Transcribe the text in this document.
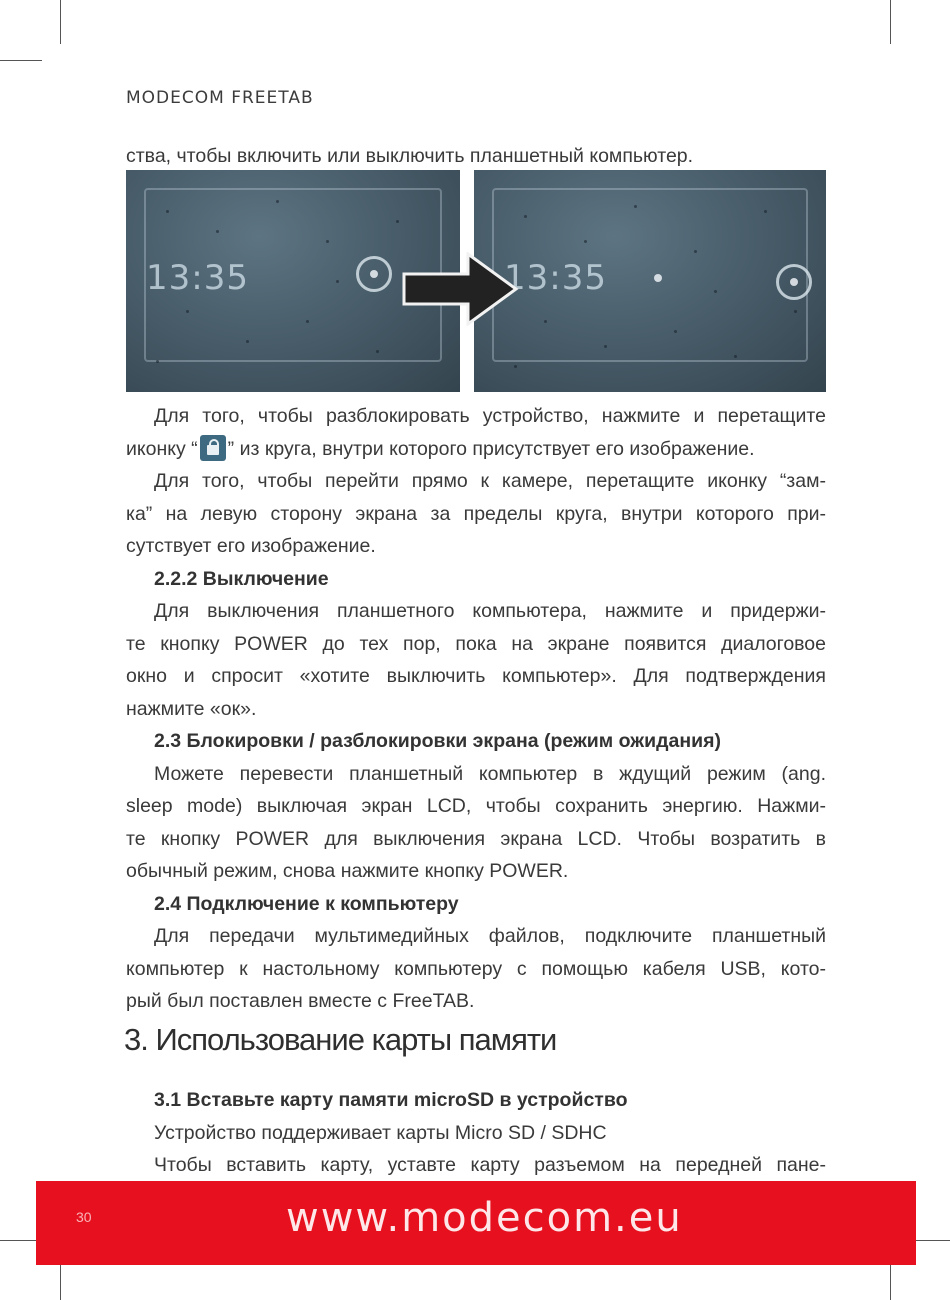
MODECOM FREETAB
ства, чтобы включить или выключить планшетный компьютер.
13:35	13:35
Для того, чтобы разблокировать устройство, нажмите и перетащите
иконку “ ” из круга, внутри которого присутствует его изображение.
Для того, чтобы перейти прямо к камере, перетащите иконку “зам-
ка” на левую сторону экрана за пределы круга, внутри которого при-
сутствует его изображение.
2.2.2 Выключение
Для выключения планшетного компьютера, нажмите и придержи-
те кнопку POWER до тех пор, пока на экране появится диалоговое
окно и спросит «хотите выключить компьютер». Для подтверждения
нажмите «ок».
2.3 Блокировки / разблокировки экрана (режим ожидания)
Можете перевести планшетный компьютер в ждущий режим (ang.
sleep mode) выключая экран LCD, чтобы сохранить энергию. Нажми-
те кнопку POWER для выключения экрана LCD. Чтобы возратить в
обычный режим, снова нажмите кнопку POWER.
2.4 Подключение к компьютеру
Для передачи мультимедийных файлов, подключите планшетный
компьютер к настольному компьютеру с помощью кабеля USB, кото-
рый был поставлен вместе с FreeTAB.
3. Использование карты памяти
3.1 Вставьте карту памяти microSD в устройство
Устройство поддерживает карты Micro SD / SDHC
Чтобы вставить карту, уставте карту разъемом на передней пане-
30	www.modecom.eu
